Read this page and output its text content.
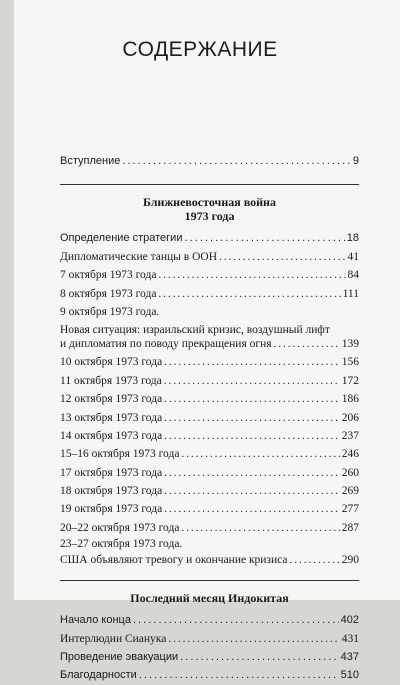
СОДЕРЖАНИЕ
Вступление . . .	9
Ближневосточная война
1973 года
Определение стратегии . . .	18
Дипломатические танцы в ООН . . .	41
7 октября 1973 года . . .	84
8 октября 1973 года . . .	111
9 октября 1973 года.
Новая ситуация: израильский кризис, воздушный лифт
и дипломатия по поводу прекращения огня . . .	139
10 октября 1973 года . . .	156
11 октября 1973 года . . .	172
12 октября 1973 года . . .	186
13 октября 1973 года . . .	206
14 октября 1973 года . . .	237
15–16 октября 1973 года . . .	246
17 октября 1973 года . . .	260
18 октября 1973 года . . .	269
19 октября 1973 года . . .	277
20–22 октября 1973 года . . .	287
23–27 октября 1973 года.
США объявляют тревогу и окончание кризиса . . .	290
Последний месяц Индокитая
Начало конца . . .	402
Интерлюдии Сианука . . .	431
Проведение эвакуации . . .	437
Благодарности . . .	510
